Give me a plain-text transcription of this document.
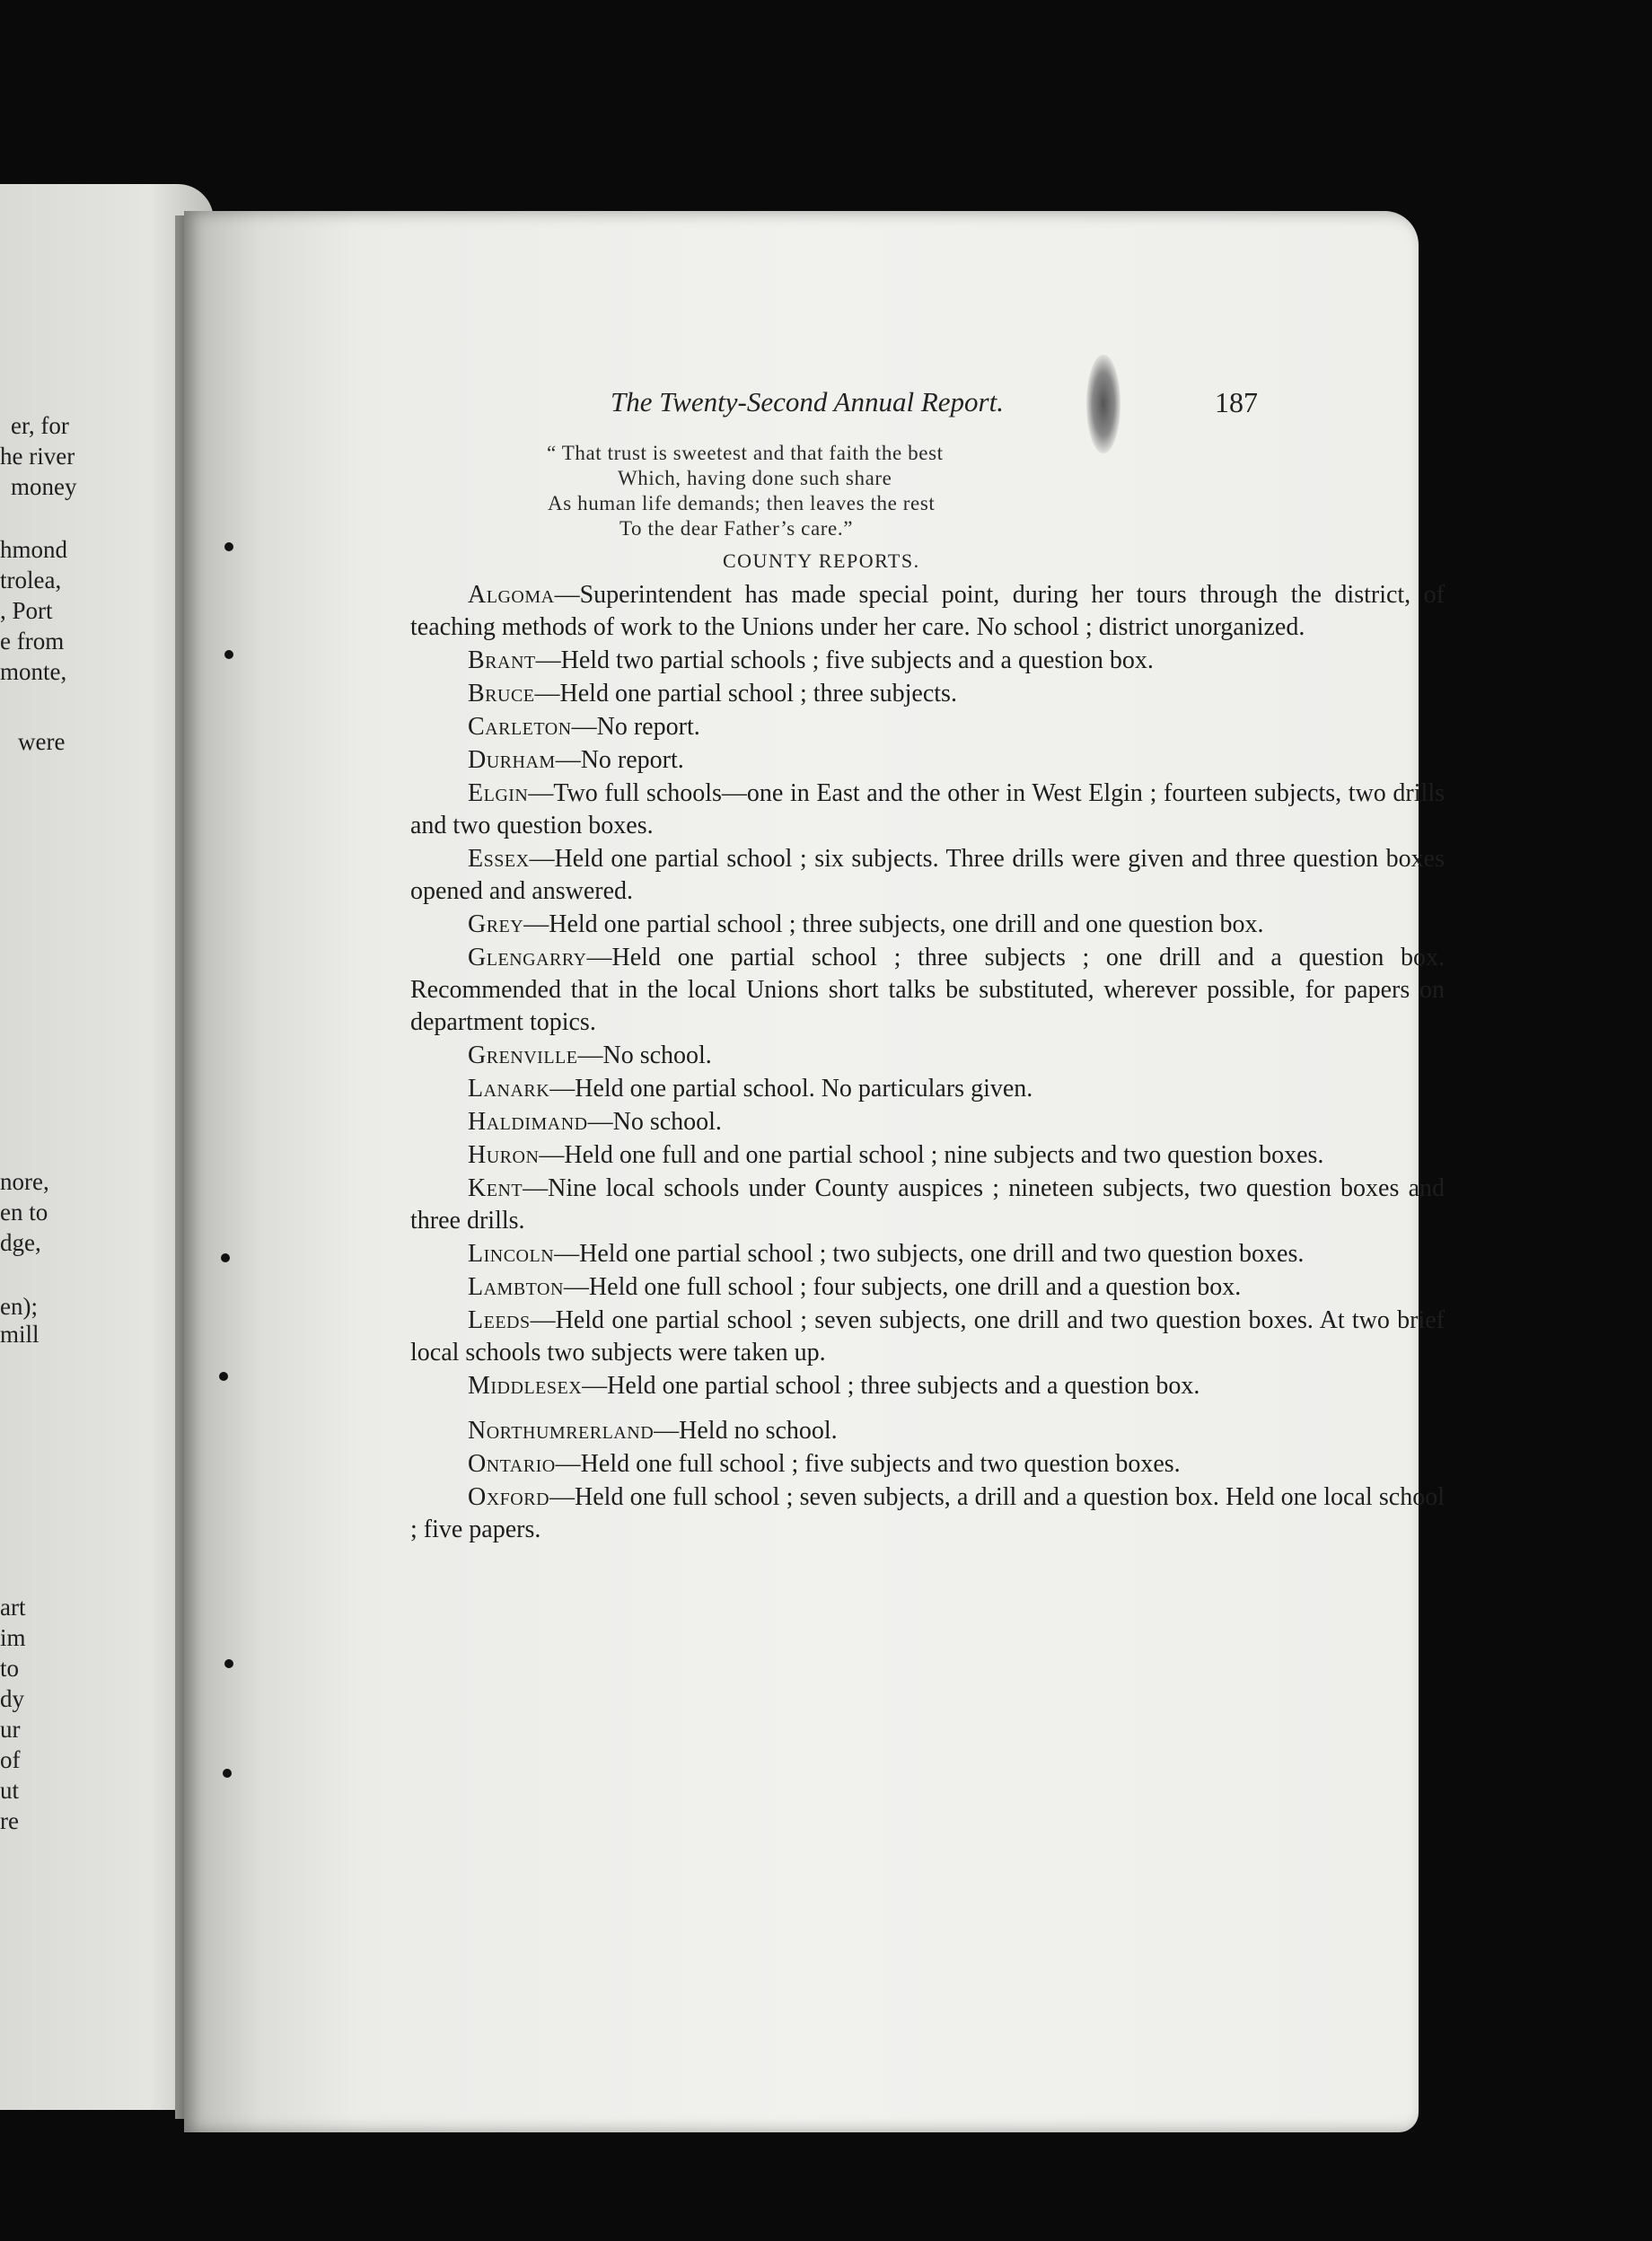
er, for
he river
money
hmond
trolea,
, Port
e from
monte,
were
nore,
en to
dge,
en);
mill
art
im
to
dy
ur
of
ut
re
The Twenty-Second Annual Report.	187
“ That trust is sweetest and that faith the best
Which, having done such share
As human life demands; then leaves the rest
To the dear Father’s care.”
COUNTY REPORTS.

Algoma—Superintendent has made special point, during her tours through the district, of teaching methods of work to the Unions under her care. No school ; district unorganized.

Brant—Held two partial schools ; five subjects and a question box.

Bruce—Held one partial school ; three subjects.

Carleton—No report.

Durham—No report.

Elgin—Two full schools—one in East and the other in West Elgin ; fourteen subjects, two drills and two question boxes.

Essex—Held one partial school ; six subjects. Three drills were given and three question boxes opened and answered.

Grey—Held one partial school ; three subjects, one drill and one question box.

Glengarry—Held one partial school ; three subjects ; one drill and a question box. Recommended that in the local Unions short talks be substituted, wherever possible, for papers on department topics.

Grenville—No school.

Lanark—Held one partial school. No particulars given.

Haldimand—No school.

Huron—Held one full and one partial school ; nine subjects and two question boxes.

Kent—Nine local schools under County auspices ; nineteen subjects, two question boxes and three drills.

Lincoln—Held one partial school ; two subjects, one drill and two question boxes.

Lambton—Held one full school ; four subjects, one drill and a question box.

Leeds—Held one partial school ; seven subjects, one drill and two question boxes. At two brief local schools two subjects were taken up.

Middlesex—Held one partial school ; three subjects and a question box.

Northumrerland—Held no school.

Ontario—Held one full school ; five subjects and two question boxes.

Oxford—Held one full school ; seven subjects, a drill and a question box. Held one local school ; five papers.
